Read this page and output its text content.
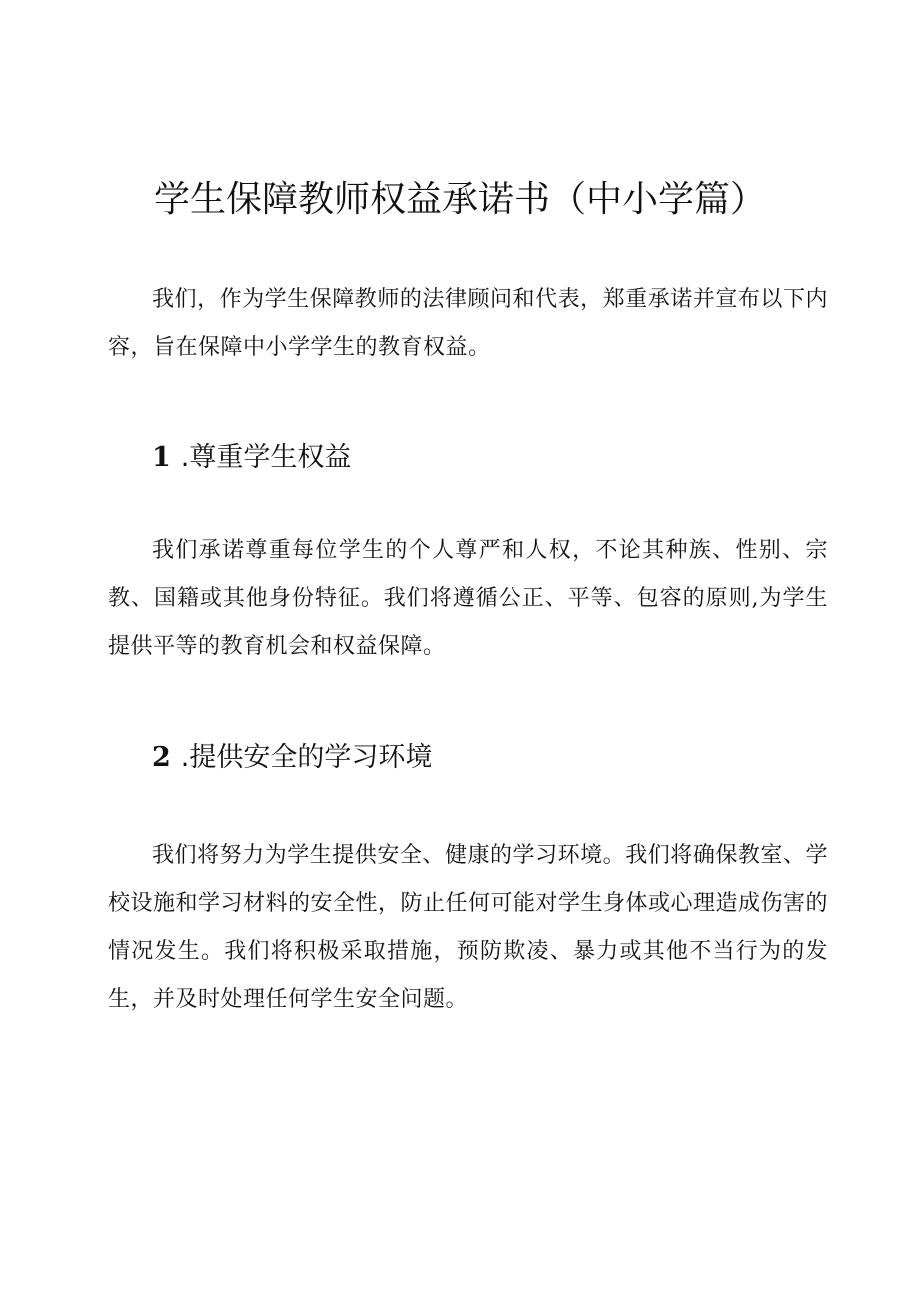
学生保障教师权益承诺书（中小学篇）

我们，作为学生保障教师的法律顾问和代表，郑重承诺并宣布以下内容，旨在保障中小学学生的教育权益。

1 .尊重学生权益

我们承诺尊重每位学生的个人尊严和人权，不论其种族、性别、宗教、国籍或其他身份特征。我们将遵循公正、平等、包容的原则,为学生提供平等的教育机会和权益保障。

2 .提供安全的学习环境

我们将努力为学生提供安全、健康的学习环境。我们将确保教室、学校设施和学习材料的安全性，防止任何可能对学生身体或心理造成伤害的情况发生。我们将积极采取措施，预防欺凌、暴力或其他不当行为的发生，并及时处理任何学生安全问题。
